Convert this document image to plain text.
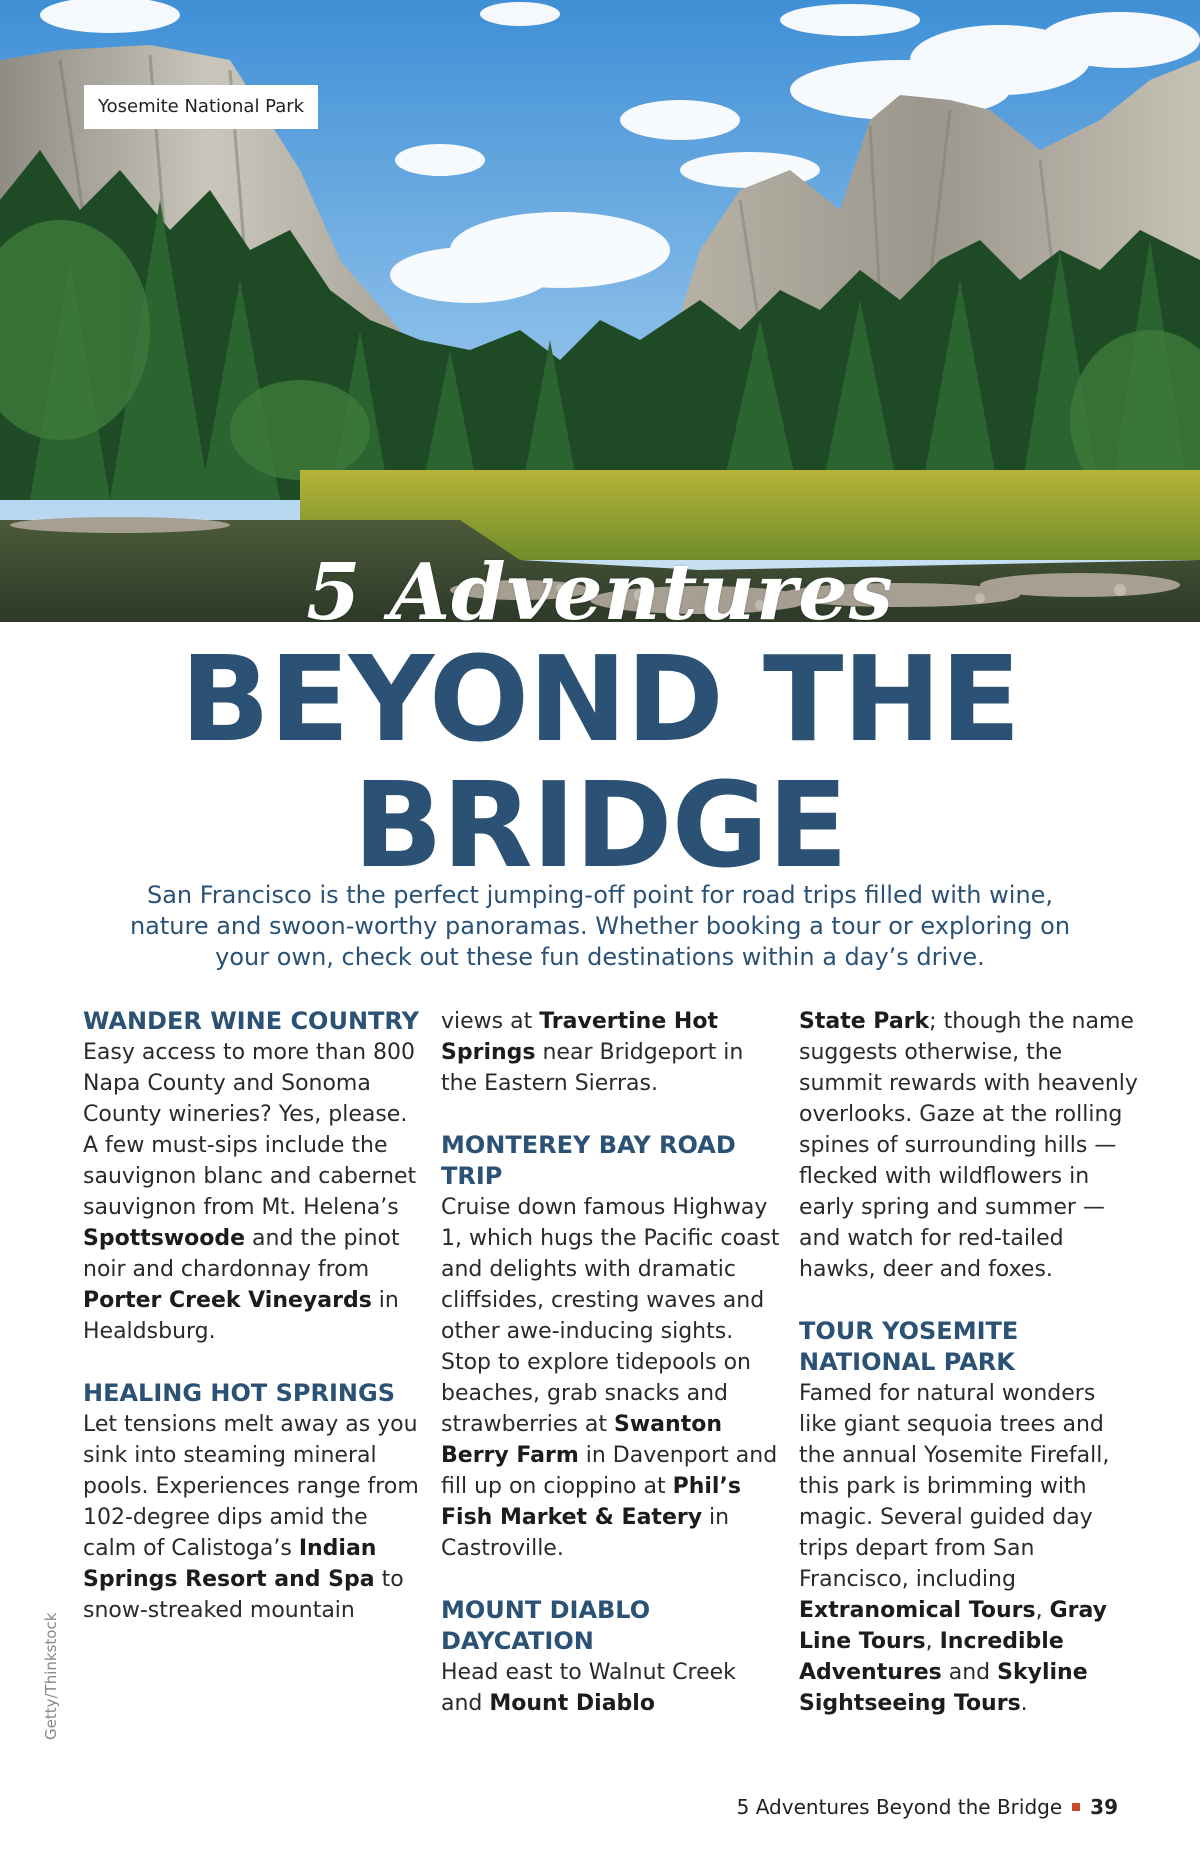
Yosemite National Park
5 Adventures
BEYOND THE
BRIDGE

San Francisco is the perfect jumping-off point for road trips filled with wine, nature and swoon-worthy panoramas. Whether booking a tour or exploring on your own, check out these fun destinations within a day’s drive.

WANDER WINE COUNTRY

Easy access to more than 800 Napa County and Sonoma County wineries? Yes, please. A few must-sips include the sauvignon blanc and cabernet sauvignon from Mt. Helena’s Spottswoode and the pinot noir and chardonnay from Porter Creek Vineyards in Healdsburg.

HEALING HOT SPRINGS

Let tensions melt away as you sink into steaming mineral pools. Experiences range from 102-degree dips amid the calm of Calistoga’s Indian Springs Resort and Spa to snow-streaked mountain

views at Travertine Hot Springs near Bridgeport in the Eastern Sierras.

MONTEREY BAY ROAD TRIP

Cruise down famous Highway 1, which hugs the Pacific coast and delights with dramatic cliffsides, cresting waves and other awe-inducing sights. Stop to explore tidepools on beaches, grab snacks and strawberries at Swanton Berry Farm in Davenport and fill up on cioppino at Phil’s Fish Market & Eatery in Castroville.

MOUNT DIABLO DAYCATION

Head east to Walnut Creek and Mount Diablo

State Park; though the name suggests otherwise, the summit rewards with heavenly overlooks. Gaze at the rolling spines of surrounding hills — flecked with wildflowers in early spring and summer — and watch for red-tailed hawks, deer and foxes.

TOUR YOSEMITE NATIONAL PARK

Famed for natural wonders like giant sequoia trees and the annual Yosemite Firefall, this park is brimming with magic. Several guided day trips depart from San Francisco, including Extranomical Tours, Gray Line Tours, Incredible Adventures and Skyline Sightseeing Tours.

Getty/Thinkstock
5 Adventures Beyond the Bridge 39
